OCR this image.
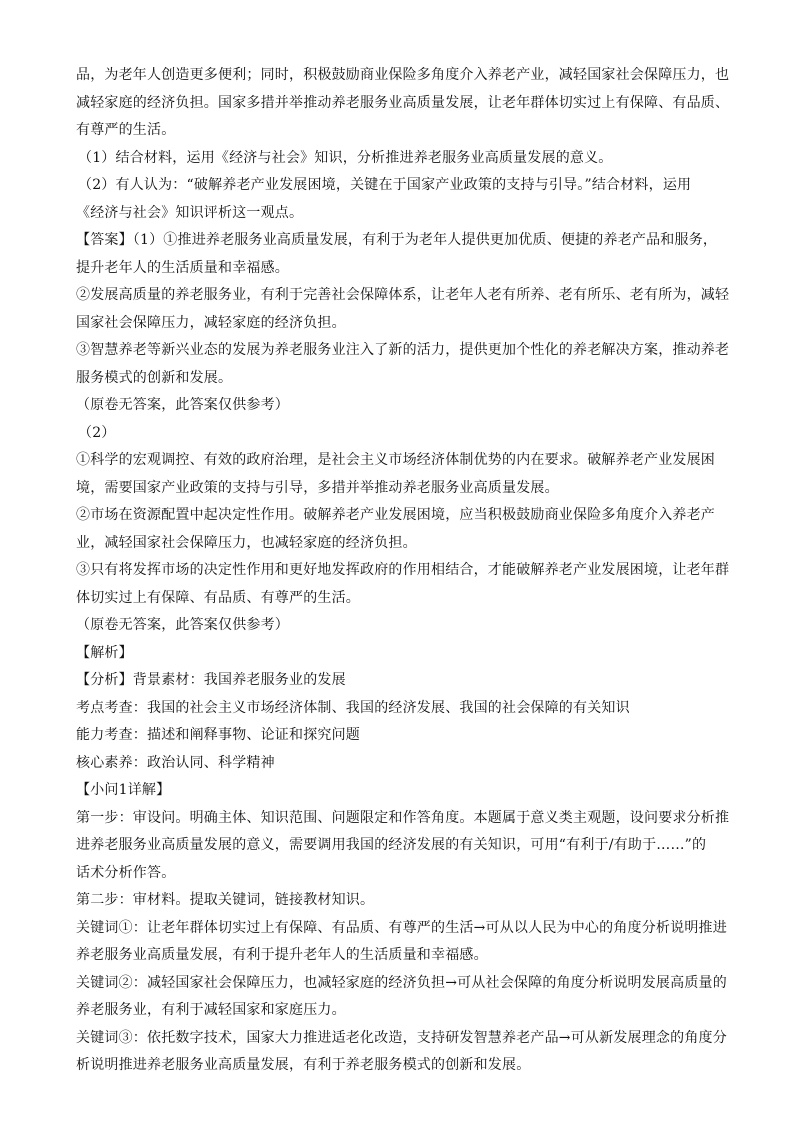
品，为老年人创造更多便利；同时，积极鼓励商业保险多角度介入养老产业，减轻国家社会保障压力，也
减轻家庭的经济负担。国家多措并举推动养老服务业高质量发展，让老年群体切实过上有保障、有品质、
有尊严的生活。
（1）结合材料，运用《经济与社会》知识，分析推进养老服务业高质量发展的意义。
（2）有人认为：“破解养老产业发展困境，关键在于国家产业政策的支持与引导。”结合材料，运用
《经济与社会》知识评析这一观点。
【答案】（1）①推进养老服务业高质量发展，有利于为老年人提供更加优质、便捷的养老产品和服务，
提升老年人的生活质量和幸福感。
②发展高质量的养老服务业，有利于完善社会保障体系，让老年人老有所养、老有所乐、老有所为，减轻
国家社会保障压力，减轻家庭的经济负担。
③智慧养老等新兴业态的发展为养老服务业注入了新的活力，提供更加个性化的养老解决方案，推动养老
服务模式的创新和发展。
（原卷无答案，此答案仅供参考）
（2）
①科学的宏观调控、有效的政府治理，是社会主义市场经济体制优势的内在要求。破解养老产业发展困
境，需要国家产业政策的支持与引导，多措并举推动养老服务业高质量发展。
②市场在资源配置中起决定性作用。破解养老产业发展困境，应当积极鼓励商业保险多角度介入养老产
业，减轻国家社会保障压力，也减轻家庭的经济负担。
③只有将发挥市场的决定性作用和更好地发挥政府的作用相结合，才能破解养老产业发展困境，让老年群
体切实过上有保障、有品质、有尊严的生活。
（原卷无答案，此答案仅供参考）
【解析】
【分析】背景素材：我国养老服务业的发展
考点考查：我国的社会主义市场经济体制、我国的经济发展、我国的社会保障的有关知识
能力考查：描述和阐释事物、论证和探究问题
核心素养：政治认同、科学精神
【小问1详解】
第一步：审设问。明确主体、知识范围、问题限定和作答角度。本题属于意义类主观题，设问要求分析推
进养老服务业高质量发展的意义，需要调用我国的经济发展的有关知识，可用“有利于/有助于……”的
话术分析作答。
第二步：审材料。提取关键词，链接教材知识。
关键词①：让老年群体切实过上有保障、有品质、有尊严的生活→可从以人民为中心的角度分析说明推进
养老服务业高质量发展，有利于提升老年人的生活质量和幸福感。
关键词②：减轻国家社会保障压力，也减轻家庭的经济负担→可从社会保障的角度分析说明发展高质量的
养老服务业，有利于减轻国家和家庭压力。
关键词③：依托数字技术，国家大力推进适老化改造，支持研发智慧养老产品→可从新发展理念的角度分
析说明推进养老服务业高质量发展，有利于养老服务模式的创新和发展。
